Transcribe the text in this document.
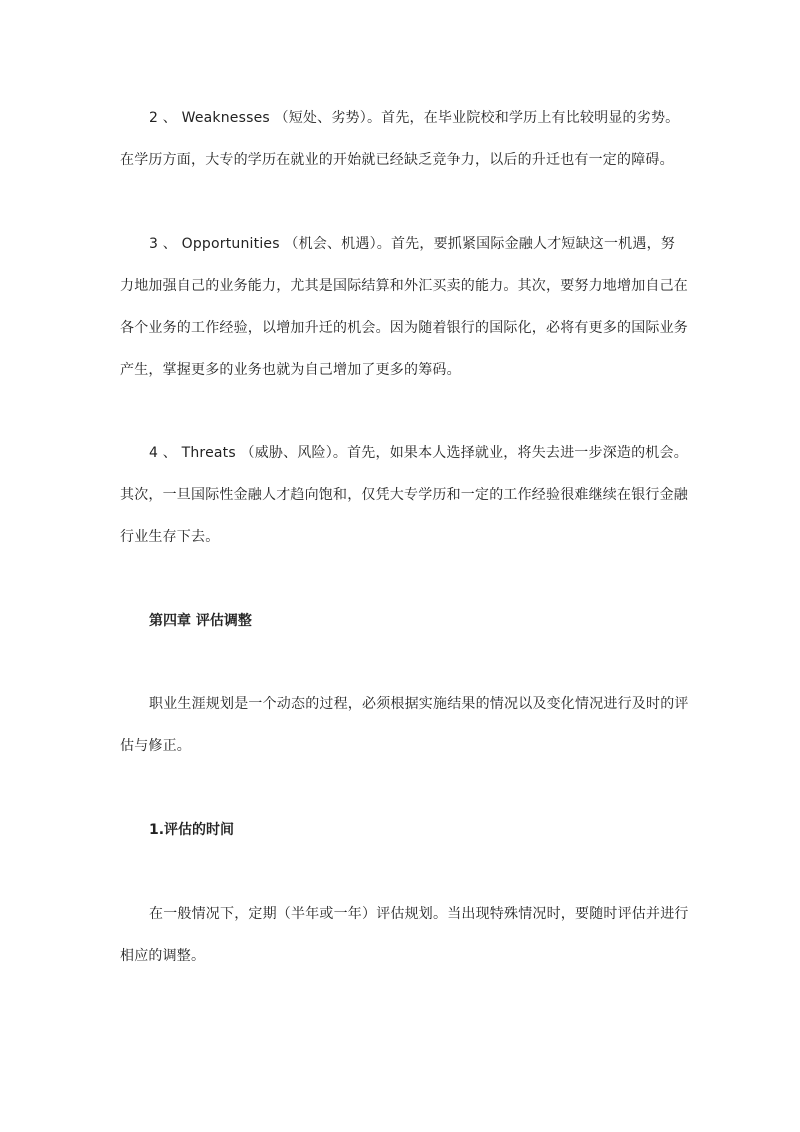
2 、 Weaknesses （短处、劣势）。首先，在毕业院校和学历上有比较明显的劣势。
在学历方面，大专的学历在就业的开始就已经缺乏竞争力，以后的升迁也有一定的障碍。
3 、 Opportunities （机会、机遇）。首先，要抓紧国际金融人才短缺这一机遇，努
力地加强自己的业务能力，尤其是国际结算和外汇买卖的能力。其次，要努力地增加自己在
各个业务的工作经验，以增加升迁的机会。因为随着银行的国际化，必将有更多的国际业务
产生，掌握更多的业务也就为自己增加了更多的筹码。
4 、 Threats （威胁、风险）。首先，如果本人选择就业，将失去进一步深造的机会。
其次，一旦国际性金融人才趋向饱和，仅凭大专学历和一定的工作经验很难继续在银行金融
行业生存下去。
第四章 评估调整
职业生涯规划是一个动态的过程，必须根据实施结果的情况以及变化情况进行及时的评
估与修正。
1.评估的时间
在一般情况下，定期（半年或一年）评估规划。当出现特殊情况时，要随时评估并进行
相应的调整。
